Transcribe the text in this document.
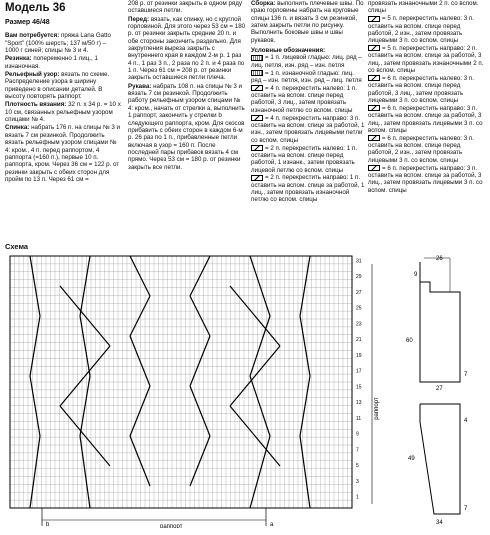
Модель 36
Размер 46/48

Вам потребуется: пряжа Lana Gatto "Sport" (100% шерсть; 137 м/50 г) – 1000 г синей; спицы № 3 и 4.

Резинка: попеременно 1 лиц., 1 изнаночная.

Рельефный узор: вязать по схеме. Распределение узора в ширину приведено в описании деталей. В высоту повторять раппорт.

Плотность вязания: 32 п. х 34 р. = 10 х 10 см, связанных рельефным узором спицами № 4.

Спинка: набрать 176 п. на спицы № 3 и вязать 7 см резинкой. Продолжить вязать рельефным узором спицами № 4: кром., 4 п. перед раппортом, 4 раппорта (=160 п.), первые 10 п. раппорта, кром. Через 36 см = 122 р. от резинки закрыть с обеих сторон для пройм по 13 п. Через 61 см =

208 р. от резинки закрыть в одном ряду оставшиеся петли.

Перед: вязать, как спинку, но с круглой горловиной. Для этого через 53 см = 180 р. от резинки закрыть средние 20 п. и обе стороны закончить раздельно. Для закругления выреза закрыть с внутреннего края в каждом 2-м р. 1 раз 4 п., 1 раз 3 п., 2 раза по 2 п. и 4 раза по 1 п. Через 61 см = 208 р. от резинки закрыть оставшиеся петли плеча.

Рукава: набрать 108 п. на спицы № 3 и вязать 7 см резинкой. Продолжить работу рельефным узором спицами № 4: кром., начать от стрелки а, выполнить 1 раппорт, закончить у стрелки b следующего раппорта, кром. Для скосов прибавить с обеих сторон в каждом 6-м р. 26 раз по 1 п., прибавленные петли включая в узор = 160 п. После последней пары прибавок вязать 4 см прямо. Через 53 см = 180 р. от резинки закрыть все петли.

Сборка: выполнить плечевые швы. По краю горловины набрать на круговые спицы 136 п. и вязать 3 см резинкой, затем закрыть петли по рисунку. Выполнить боковые швы и швы рукавов.

Условные обозначения:
= 1 п. лицевой гладью: лиц. ряд – лиц. петля, изн. ряд – изн. петля
= 1 п. изнаночной гладью: лиц. ряд – изн. петля, изн. ряд – лиц. петля
= 4 п. перекрестить налево: 1 п. оставить на вспом. спице перед работой, 3 лиц., затем провязать изнаночной петлю со вспом. спицы
= 4 п. перекрестить направо: 3 п. оставить на вспом. спице за работой, 1 изн., затем провязать лицевыми петли со вспом. спицы
= 2 п. перекрестить налево: 1 п. оставить на вспом. спице перед работой, 1 изнанк., затем провязать лицевой петлю со вспом. спицы
= 2 п. перекрестить направо: 1 п. оставить на вспом. спице за работой, 1 лиц., затем провязать изнаночной петлю со вспом. спицы
провязать изнаночными 2 п. со вспом. спицы
= 5 п. перекрестить налево: 3 п. оставить на вспом. спице перед работой, 2 изн., затем провязать лицевыми 3 п. со вспом. спицы
= 5 п. перекрестить направо: 2 п. оставить на вспом. спице за работой, 3 лиц., затем провязать изнаночными 2 п. со вспом. спицы
= 6 п. перекрестить налево: 3 п. оставить на вспом. спице перед работой, 3 лиц., затем провязать лицевыми 3 п. со вспом. спицы
= 6 п. перекрестить направо: 3 п. оставить на вспом. спице за работой, 3 лиц., затем провязать лицевыми 3 п. со вспом. спицы
= 6 п. перекрестить налево: 3 п. оставить на вспом. спице перед работой, 2 изн., затем провязать лицевыми 3 п. со вспом. спицы
= 6 п. перекрестить направо: 3 п. оставить на вспом. спице за работой, 3 лиц., затем провязать лицевыми 3 п. со вспом. спицы
Схема
31
29
27
25
23
21
19
17
15
13
11
9
7
5
3
1
раппорт
раппорт
b	a
9
26
60
7
27
4
49
7
34
